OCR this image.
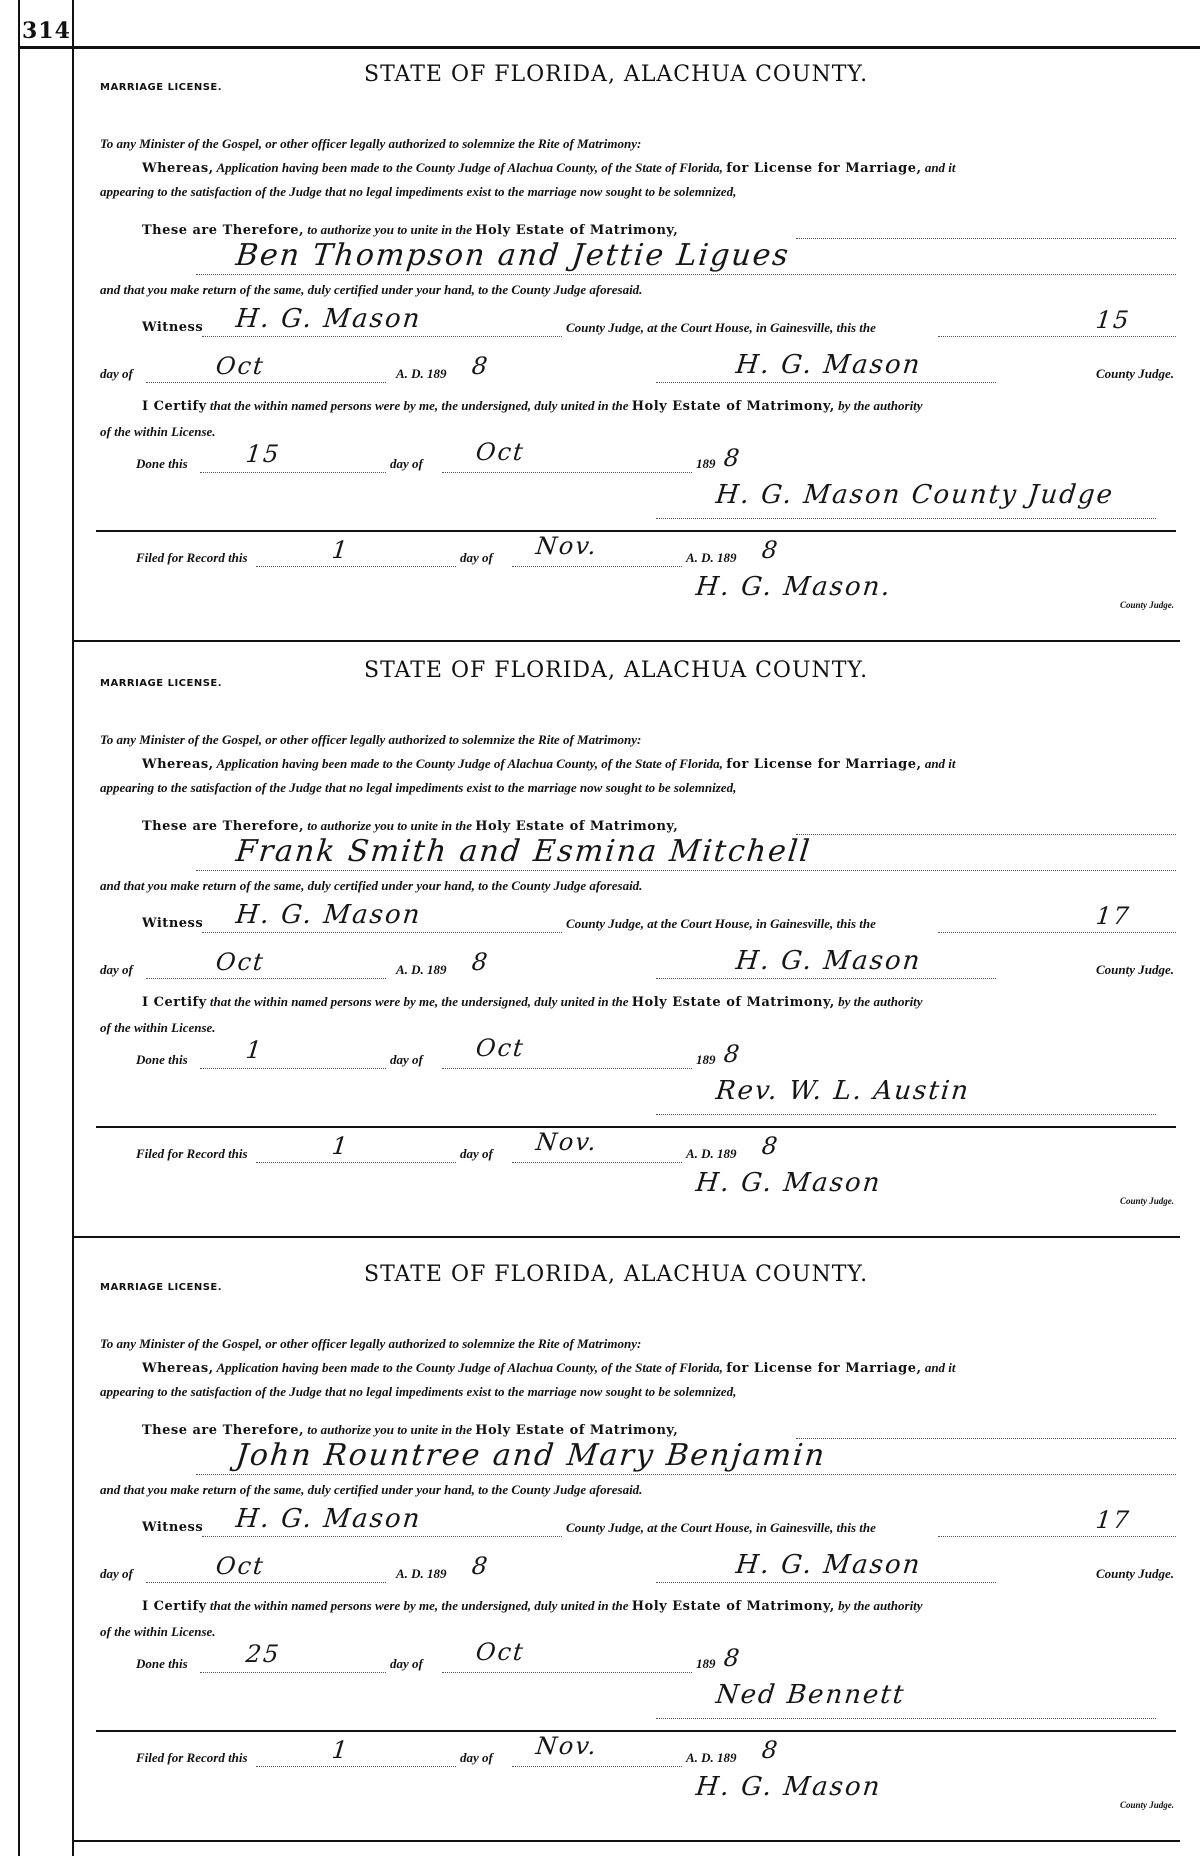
314
MARRIAGE LICENSE.
STATE OF FLORIDA, ALACHUA COUNTY.
To any Minister of the Gospel, or other officer legally authorized to solemnize the Rite of Matrimony:
Whereas, Application having been made to the County Judge of Alachua County, of the State of Florida, for License for Marriage, and it
appearing to the satisfaction of the Judge that no legal impediments exist to the marriage now sought to be solemnized,
These are Therefore, to authorize you to unite in the Holy Estate of Matrimony,
Ben Thompson and Jettie Ligues
and that you make return of the same, duly certified under your hand, to the County Judge aforesaid.
Witness H. G. Mason	County Judge, at the Court House, in Gainesville, this the	15
day of	Oct	A. D. 189 8	H. G. Mason	County Judge.
I Certify that the within named persons were by me, the undersigned, duly united in the Holy Estate of Matrimony, by the authority
of the within License.
Done this 15	day of Oct	189 8
H. G. Mason County Judge
Filed for Record this	1	day of Nov.	A. D. 189 8
H. G. Mason.
County Judge.
MARRIAGE LICENSE.
STATE OF FLORIDA, ALACHUA COUNTY.
To any Minister of the Gospel, or other officer legally authorized to solemnize the Rite of Matrimony:
Whereas, Application having been made to the County Judge of Alachua County, of the State of Florida, for License for Marriage, and it
appearing to the satisfaction of the Judge that no legal impediments exist to the marriage now sought to be solemnized,
These are Therefore, to authorize you to unite in the Holy Estate of Matrimony,
Frank Smith and Esmina Mitchell
and that you make return of the same, duly certified under your hand, to the County Judge aforesaid.
Witness H. G. Mason	County Judge, at the Court House, in Gainesville, this the	17
day of	Oct	A. D. 189 8	H. G. Mason	County Judge.
I Certify that the within named persons were by me, the undersigned, duly united in the Holy Estate of Matrimony, by the authority
of the within License.
Done this 1	day of Oct	189 8
Rev. W. L. Austin
Filed for Record this	1	day of Nov.	A. D. 189 8
H. G. Mason
County Judge.
MARRIAGE LICENSE.
STATE OF FLORIDA, ALACHUA COUNTY.
To any Minister of the Gospel, or other officer legally authorized to solemnize the Rite of Matrimony:
Whereas, Application having been made to the County Judge of Alachua County, of the State of Florida, for License for Marriage, and it
appearing to the satisfaction of the Judge that no legal impediments exist to the marriage now sought to be solemnized,
These are Therefore, to authorize you to unite in the Holy Estate of Matrimony,
John Rountree and Mary Benjamin
and that you make return of the same, duly certified under your hand, to the County Judge aforesaid.
Witness H. G. Mason	County Judge, at the Court House, in Gainesville, this the	17
day of	Oct	A. D. 189 8	H. G. Mason	County Judge.
I Certify that the within named persons were by me, the undersigned, duly united in the Holy Estate of Matrimony, by the authority
of the within License.
Done this 25	day of Oct	189 8
Ned Bennett
Filed for Record this	1	day of Nov.	A. D. 189 8
H. G. Mason
County Judge.
